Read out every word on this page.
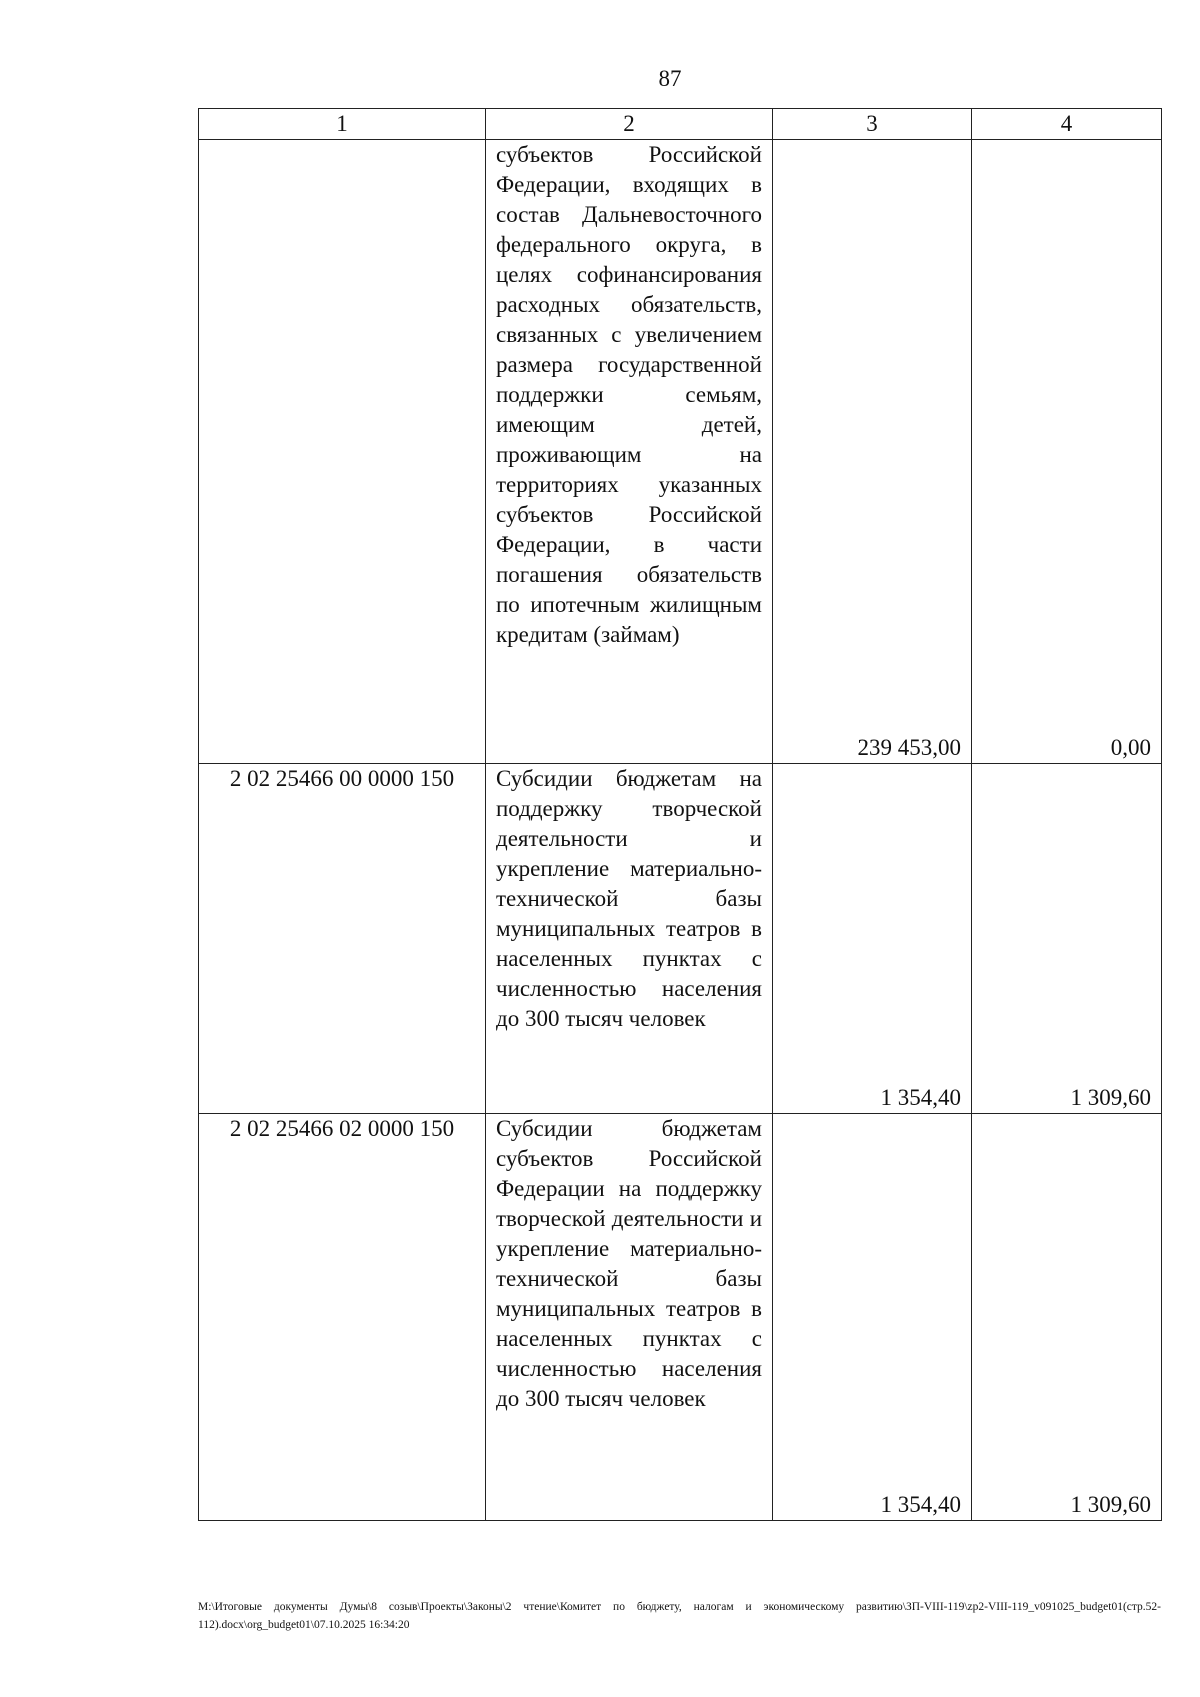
87
1	2	3	4
	субъектов Российской Федерации, входящих в состав Дальневосточного федерального округа, в целях софинансирования расходных обязательств, связанных с увеличением размера государственной поддержки семьям, имеющим детей, проживающим на территориях указанных субъектов Российской Федерации, в части погашения обязательств по ипотечным жилищным кредитам (займам)	239 453,00	0,00
2 02 25466 00 0000 150	Субсидии бюджетам на поддержку творческой деятельности и укрепление материально-технической базы муниципальных театров в населенных пунктах с численностью населения до 300 тысяч человек	1 354,40	1 309,60
2 02 25466 02 0000 150	Субсидии бюджетам субъектов Российской Федерации на поддержку творческой деятельности и укрепление материально-технической базы муниципальных театров в населенных пунктах с численностью населения до 300 тысяч человек	1 354,40	1 309,60
M:\Итоговые документы Думы\8 созыв\Проекты\Законы\2 чтение\Комитет по бюджету, налогам и экономическому развитию\ЗП-VIII-119\zp2-VIII-119_v091025_budget01(стр.52-112).docx\org_budget01\07.10.2025 16:34:20
